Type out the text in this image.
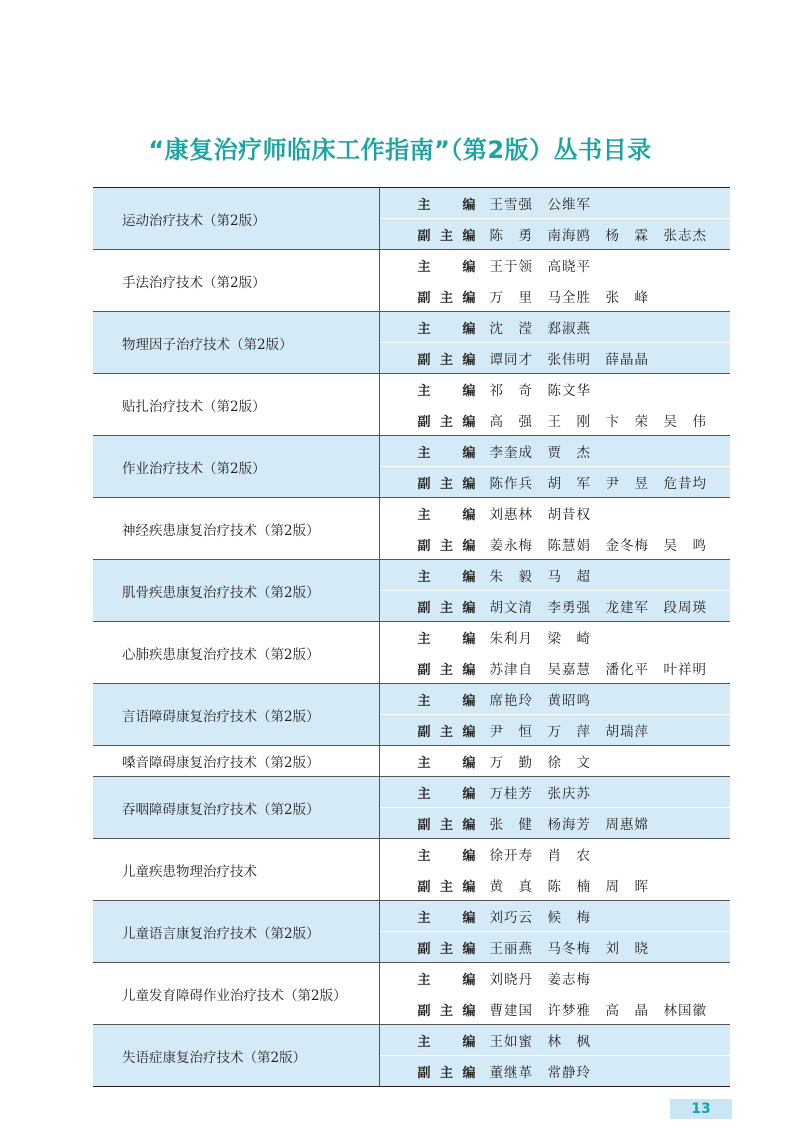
“康复治疗师临床工作指南”（第2版）丛书目录
运动治疗技术（第2版）	主　编 王雪强　公维军
	副主编 陈　勇　南海鸥　杨　霖　张志杰
手法治疗技术（第2版）	主　编 王于领　高晓平
	副主编 万　里　马全胜　张　峰
物理因子治疗技术（第2版）	主　编 沈　滢　郄淑燕
	副主编 谭同才　张伟明　薛晶晶
贴扎治疗技术（第2版）	主　编 祁　奇　陈文华
	副主编 高　强　王　刚　卞　荣　吴　伟
作业治疗技术（第2版）	主　编 李奎成　贾　杰
	副主编 陈作兵　胡　军　尹　昱　危昔均
神经疾患康复治疗技术（第2版）	主　编 刘惠林　胡昔权
	副主编 姜永梅　陈慧娟　金冬梅　吴　鸣
肌骨疾患康复治疗技术（第2版）	主　编 朱　毅　马　超
	副主编 胡文清　李勇强　龙建军　段周瑛
心肺疾患康复治疗技术（第2版）	主　编 朱利月　梁　崎
	副主编 苏津自　吴嘉慧　潘化平　叶祥明
言语障碍康复治疗技术（第2版）	主　编 席艳玲　黄昭鸣
	副主编 尹　恒　万　萍　胡瑞萍
嗓音障碍康复治疗技术（第2版）	主　编 万　勤　徐　文
吞咽障碍康复治疗技术（第2版）	主　编 万桂芳　张庆苏
	副主编 张　健　杨海芳　周惠嫦
儿童疾患物理治疗技术	主　编 徐开寿　肖　农
	副主编 黄　真　陈　楠　周　晖
儿童语言康复治疗技术（第2版）	主　编 刘巧云　候　梅
	副主编 王丽燕　马冬梅　刘　晓
儿童发育障碍作业治疗技术（第2版）	主　编 刘晓丹　姜志梅
	副主编 曹建国　许梦雅　高　晶　林国徽
失语症康复治疗技术（第2版）	主　编 王如蜜　林　枫
	副主编 董继革　常静玲
13
